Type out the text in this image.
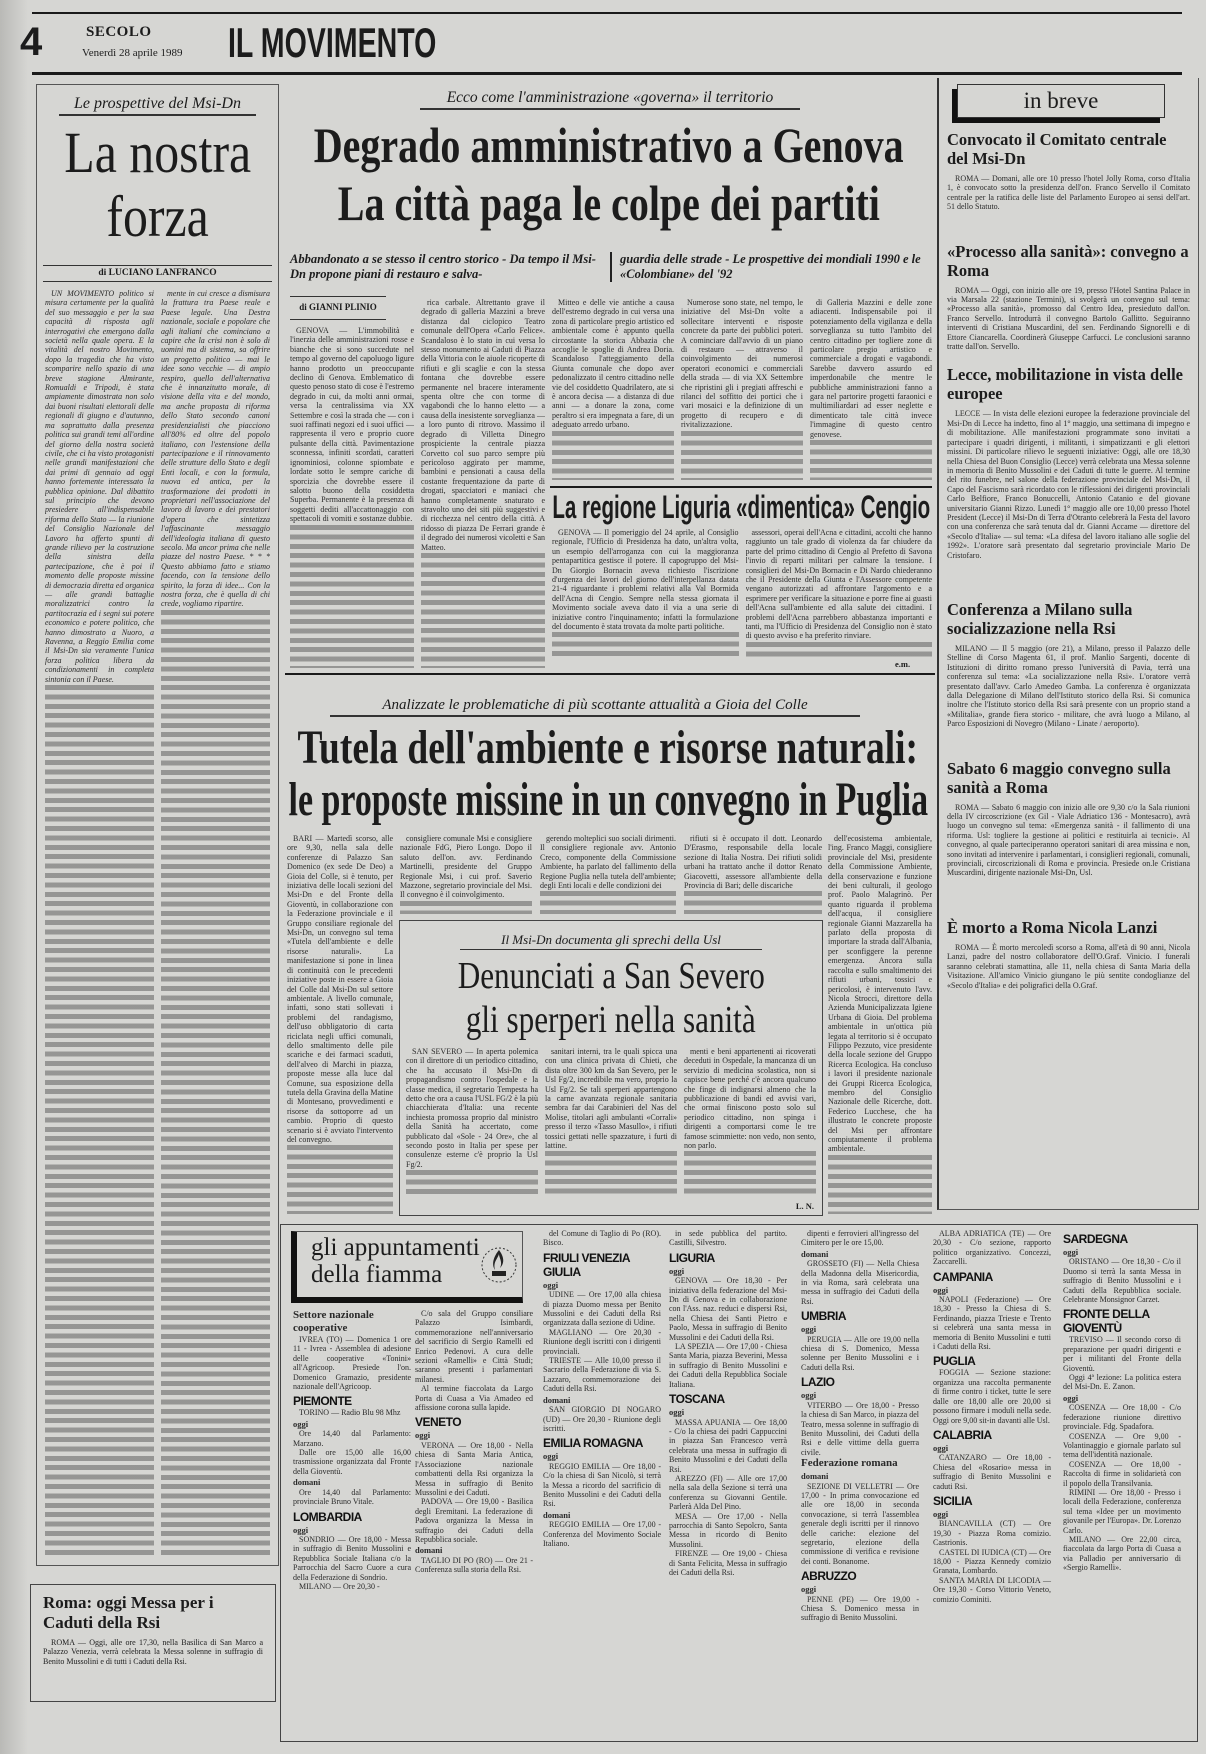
4	SECOLO
Venerdì 28 aprile 1989 IL MOVIMENTO
Le prospettive del Msi-Dn
La nostra
forza
di LUCIANO LANFRANCO

UN MOVIMENTO politico si misura certamente per la qualità del suo messaggio e per la sua capacità di risposta agli interrogativi che emergono dalla società nella quale opera. E la vitalità del nostro Movimento, dopo la tragedia che ha visto scomparire nello spazio di una breve stagione Almirante, Romualdi e Tripodi, è stata ampiamente dimostrata non solo dai buoni risultati elettorali delle regionali di giugno e d'autunno, ma soprattutto dalla presenza politica sui grandi temi all'ordine del giorno della nostra società civile, che ci ha visto protagonisti nelle grandi manifestazioni che dai primi di gennaio ad oggi hanno fortemente interessato la pubblica opinione. Dal dibattito sul principio che devono presiedere all'indispensabile riforma dello Stato — la riunione del Consiglio Nazionale del Lavoro ha offerto spunti di grande rilievo per la costruzione della sinistra della partecipazione, che è poi il momento delle proposte missine di democrazia diretta ed organica — alle grandi battaglie moralizzatrici contro la partitocrazia ed i segni sui potere economico e potere politico, che hanno dimostrato a Nuoro, a Ravenna, a Reggio Emilia come il Msi-Dn sia veramente l'unica forza politica libera da condizionamenti in completa sintonia con il Paese.

mente in cui cresce a dismisura la frattura tra Paese reale e Paese legale. Una Destra nazionale, sociale e popolare che agli italiani che cominciano a capire che la crisi non è solo di uomini ma di sistema, sa offrire un progetto politico — mai le idee sono vecchie — di ampio respiro, quello dell'alternativa che è innanzitutto morale, di visione della vita e del mondo, ma anche proposta di riforma dello Stato secondo canoni presidenzialisti che piacciono all'80% ed oltre del popolo italiano, con l'estensione della partecipazione e il rinnovamento delle strutture dello Stato e degli Enti locali, e con la formula, nuova ed antica, per la trasformazione dei prodotti in proprietari nell'associazione del lavoro di lavoro e dei prestatori d'opera che sintetizza l'affascinante messaggio dell'ideologia italiana di questo secolo. Ma ancor prima che nelle piazze del nostro Paese. * * * Questo abbiamo fatto e stiamo facendo, con la tensione dello spirito, la forza di idee... Con la nostra forza, che è quella di chi crede, vogliamo ripartire.

Roma: oggi Messa per i Caduti della Rsi
ROMA — Oggi, alle ore 17,30, nella Basilica di San Marco a Palazzo Venezia, verrà celebrata la Messa solenne in suffragio di Benito Mussolini e di tutti i Caduti della Rsi.
Ecco come l'amministrazione «governa» il territorio
Degrado amministrativo a Genova
La città paga le colpe dei partiti
Abbandonato a se stesso il centro storico - Da tempo il Msi-Dn propone piani di restauro e salva-
guardia delle strade - Le prospettive dei mondiali 1990 e le «Colombiane» del '92

GENOVA — L'immobilità e l'inerzia delle amministrazioni rosse e bianche che si sono succedute nel tempo al governo del capoluogo ligure hanno prodotto un preoccupante declino di Genova. Emblematico di questo penoso stato di cose è l'estremo degrado in cui, da molti anni ormai, versa la centralissima via XX Settembre e così la strada che — con i suoi raffinati negozi ed i suoi uffici — rappresenta il vero e proprio cuore pulsante della città. Pavimentazione sconnessa, infiniti scordati, caratteri ignominiosi, colonne spiombate e lordate sotto le sempre cariche di sporcizia che dovrebbe essere il salotto buono della cosiddetta Superba. Permanente è la presenza di soggetti dediti all'accattonaggio con spettacoli di vomiti e sostanze dubbie.

rica carbale. Altrettanto grave il degrado di galleria Mazzini a breve distanza dal ciclopico Teatro comunale dell'Opera «Carlo Felice». Scandaloso è lo stato in cui versa lo stesso monumento ai Caduti di Piazza della Vittoria con le aiuole ricoperte di rifiuti e gli scaglie e con la stessa fontana che dovrebbe essere permanente nel bracere interamente spenta oltre che con torme di vagabondi che lo hanno eletto — a causa della inesistente sorveglianza — a loro punto di ritrovo. Massimo il degrado di Villetta Dinegro prospiciente la centrale piazza Corvetto col suo parco sempre più pericoloso aggirato per mamme, bambini e pensionati a causa della costante frequentazione da parte di drogati, spacciatori e maniaci che hanno completamente snaturato e stravolto uno dei siti più suggestivi e di ricchezza nel centro della città. A ridosso di piazza De Ferrari grande è il degrado dei numerosi vicoletti e San Matteo.

di GIANNI PLINIO	Mitteo e delle vie antiche a causa dell'estremo degrado in cui versa una zona di particolare pregio artistico ed ambientale come è appunto quella circostante la storica Abbazia che accoglie le spoglie di Andrea Doria. Scandaloso l'atteggiamento della Giunta comunale che dopo aver pedonalizzato il centro cittadino nelle vie del cosiddetto Quadrilatero, ate si è ancora decisa — a distanza di due anni — a donare la zona, come peraltro si era impegnata a fare, di un adeguato arredo urbano.

Numerose sono state, nel tempo, le iniziative del Msi-Dn volte a sollecitare interventi e risposte concrete da parte dei pubblici poteri. A cominciare dall'avvio di un piano di restauro — attraverso il coinvolgimento dei numerosi operatori economici e commerciali della strada — di via XX Settembre che ripristini gli i pregiati affreschi e rilanci del soffitto dei portici che i vari mosaici e la definizione di un progetto di recupero e di rivitalizzazione.

di Galleria Mazzini e delle zone adiacenti. Indispensabile poi il potenziamento della vigilanza e della sorveglianza su tutto l'ambito del centro cittadino per togliere zone di particolare pregio artistico e commerciale a drogati e vagabondi. Sarebbe davvero assurdo ed imperdonabile che mentre le pubbliche amministrazioni fanno a gara nel partorire progetti faraonici e multimiliardari ad esser neglette e dimenticato tale città invece l'immagine di questo centro genovese.

La regione Liguria «dimentica» Cengio

GENOVA — Il pomeriggio del 24 aprile, al Consiglio regionale, l'Ufficio di Presidenza ha dato, un'altra volta, un esempio dell'arroganza con cui la maggioranza pentapartitica gestisce il potere. Il capogruppo del Msi-Dn Giorgio Bornacin aveva richiesto l'iscrizione d'urgenza dei lavori del giorno dell'interpellanza datata 21-4 riguardante i problemi relativi alla Val Bormida dell'Acna di Cengio. Sempre nella stessa giornata il Movimento sociale aveva dato il via a una serie di iniziative contro l'inquinamento; infatti la formulazione del documento è stata trovata da molte parti politiche.

assessori, operai dell'Acna e cittadini, accolti che hanno raggiunto un tale grado di violenza da far chiudere da parte del primo cittadino di Cengio al Prefetto di Savona l'invio di reparti militari per calmare la tensione. I consiglieri del Msi-Dn Bornacin e Di Nardo chiederanno che il Presidente della Giunta e l'Assessore competente vengano autorizzati ad affrontare l'argomento e a esprimere per verificare la situazione e porre fine ai guasti dell'Acna sull'ambiente ed alla salute dei cittadini. I problemi dell'Acna parrebbero abbastanza importanti e tanti, ma l'Ufficio di Presidenza del Consiglio non è stato di questo avviso e ha preferito rinviare.

e.m.
Analizzate le problematiche di più scottante attualità a Gioia del Colle
Tutela dell'ambiente e risorse naturali:
le proposte missine in un convegno in Puglia

BARI — Martedì scorso, alle ore 9,30, nella sala delle conferenze di Palazzo San Domenico (ex sede De Deo) a Gioia del Colle, si è tenuto, per iniziativa delle locali sezioni del Msi-Dn e del Fronte della Gioventù, in collaborazione con la Federazione provinciale e il Gruppo consiliare regionale del Msi-Dn, un convegno sul tema «Tutela dell'ambiente e delle risorse naturali». La manifestazione si pone in linea di continuità con le precedenti iniziative poste in essere a Gioia del Colle dal Msi-Dn sul settore ambientale. A livello comunale, infatti, sono stati sollevati i problemi del randagismo, dell'uso obbligatorio di carta riciclata negli uffici comunali, dello smaltimento delle pile scariche e dei farmaci scaduti, dell'alveo di Marchi in piazza, proposte messe alla luce dal Comune, sua esposizione della tutela della Gravina della Matine di Montesano, provvedimenti e risorse da sottoporre ad un cambio. Proprio di questo scenario si è avviato l'intervento del convegno.

consigliere comunale Msi e consigliere nazionale FdG, Piero Longo. Dopo il saluto dell'on. avv. Ferdinando Martinelli, presidente del Gruppo Regionale Msi, i cui prof. Saverio Mazzone, segretario provinciale del Msi. Il convegno è il coinvolgimento.

gerendo molteplici suo sociali dirimenti. Il consigliere regionale avv. Antonio Creco, componente della Commissione Ambiente, ha parlato del fallimento della Regione Puglia nella tutela dell'ambiente; degli Enti locali e delle condizioni dei

rifiuti si è occupato il dott. Leonardo D'Erasmo, responsabile della locale sezione di Italia Nostra. Dei rifiuti solidi urbani ha trattato anche il dottor Renato Giacovetti, assessore all'ambiente della Provincia di Bari; delle discariche

dell'ecosistema ambientale, l'ing. Franco Maggi, consigliere provinciale del Msi, presidente della Commissione Ambiente, della conservazione e funzione dei beni culturali, il geologo prof. Paolo Malagrinò. Per quanto riguarda il problema dell'acqua, il consigliere regionale Gianni Mazzarella ha parlato della proposta di importare la strada dall'Albania, per sconfiggere la perenne emergenza. Ancora sulla raccolta e sullo smaltimento dei rifiuti urbani, tossici e pericolosi, è intervenuto l'avv. Nicola Strocci, direttore della Azienda Municipalizzata Igiene Urbana di Gioia. Del problema ambientale in un'ottica più legata al territorio si è occupato Filippo Pezzuto, vice presidente della locale sezione del Gruppo Ricerca Ecologica. Ha concluso i lavori il presidente nazionale dei Gruppi Ricerca Ecologica, membro del Consiglio Nazionale delle Ricerche, dott. Federico Lucchese, che ha illustrato le concrete proposte del Msi per affrontare compiutamente il problema ambientale.

Il Msi-Dn documenta gli sprechi della Usl
Denunciati a San Severo
gli sperperi nella sanità

SAN SEVERO — In aperta polemica con il direttore di un periodico cittadino, che ha accusato il Msi-Dn di propagandismo contro l'ospedale e la classe medica, il segretario Tempesta ha detto che ora a causa l'USL FG/2 è la più chiacchierata d'Italia: una recente inchiesta promossa proprio dal ministro della Sanità ha accertato, come pubblicato dal «Sole - 24 Ore», che al secondo posto in Italia per spese per consulenze esterne c'è proprio la Usl Fg/2.

sanitari interni, tra le quali spicca una con una clinica privata di Chieti, che dista oltre 300 km da San Severo, per le Usl Fg/2, incredibile ma vero, proprio la Usl Fg/2. Se tali sperperi appartengono la carne avanzata regionale sanitaria sembra far dai Carabinieri del Nas del Molise, titolari agli ambulanti «Corrali» presso il terzo «Tasso Masullo», i rifiuti tossici gettati nelle spazzature, i furti di lattine.

menti e beni appartenenti ai ricoverati deceduti in Ospedale, la mancanza di un servizio di medicina scolastica, non si capisce bene perché c'è ancora qualcuno che finge di indignarsi almeno che la pubblicazione di bandi ed avvisi vari, che ormai finiscono posto solo sul periodico cittadino, non spinga i dirigenti a comportarsi come le tre famose scimmiette: non vedo, non sento, non parlo.

L. N.
in breve
Convocato il Comitato centrale del Msi-Dn

ROMA — Domani, alle ore 10 presso l'hotel Jolly Roma, corso d'Italia 1, è convocato sotto la presidenza dell'on. Franco Servello il Comitato centrale per la ratifica delle liste del Parlamento Europeo ai sensi dell'art. 51 dello Statuto.

«Processo alla sanità»: convegno a Roma

ROMA — Oggi, con inizio alle ore 19, presso l'Hotel Santina Palace in via Marsala 22 (stazione Termini), si svolgerà un convegno sul tema: «Processo alla sanità», promosso dal Centro Idea, presieduto dall'on. Franco Servello. Introdurrà il convegno Bartolo Gallitto. Seguiranno interventi di Cristiana Muscardini, del sen. Ferdinando Signorelli e di Ettore Ciancarella. Coordinerà Giuseppe Carfucci. Le conclusioni saranno tratte dall'on. Servello.

Lecce, mobilitazione in vista delle europee

LECCE — In vista delle elezioni europee la federazione provinciale del Msi-Dn di Lecce ha indetto, fino al 1° maggio, una settimana di impegno e di mobilitazione. Alle manifestazioni programmate sono invitati a partecipare i quadri dirigenti, i militanti, i simpatizzanti e gli elettori missini. Di particolare rilievo le seguenti iniziative: Oggi, alle ore 18,30 nella Chiesa del Buon Consiglio (Lecce) verrà celebrata una Messa solenne in memoria di Benito Mussolini e dei Caduti di tutte le guerre. Al termine del rito funebre, nel salone della federazione provinciale del Msi-Dn, il Capo del Fascismo sarà ricordato con le riflessioni dei dirigenti provinciali Carlo Belfiore, Franco Bonuccelli, Antonio Catanio e del giovane universitario Gianni Rizzo. Lunedì 1° maggio alle ore 10,00 presso l'hotel President (Lecce) il Msi-Dn di Terra d'Otranto celebrerà la Festa del lavoro con una conferenza che sarà tenuta dal dr. Gianni Accame — direttore del «Secolo d'Italia» — sul tema: «La difesa del lavoro italiano alle soglie del 1992». L'oratore sarà presentato dal segretario provinciale Mario De Cristofaro.

Conferenza a Milano sulla socializzazione nella Rsi

MILANO — Il 5 maggio (ore 21), a Milano, presso il Palazzo delle Stelline di Corso Magenta 61, il prof. Manlio Sargenti, docente di Istituzioni di diritto romano presso l'università di Pavia, terrà una conferenza sul tema: «La socializzazione nella Rsi». L'oratore verrà presentato dall'avv. Carlo Amedeo Gamba. La conferenza è organizzata dalla Delegazione di Milano dell'Istituto storico della Rsi. Si comunica inoltre che l'Istituto storico della Rsi sarà presente con un proprio stand a «Militalia», grande fiera storico - militare, che avrà luogo a Milano, al Parco Esposizioni di Novegro (Milano - Linate / aeroporto).

Sabato 6 maggio convegno sulla sanità a Roma

ROMA — Sabato 6 maggio con inizio alle ore 9,30 c/o la Sala riunioni della IV circoscrizione (ex Gil - Viale Adriatico 136 - Montesacro), avrà luogo un convegno sul tema: «Emergenza sanità - il fallimento di una riforma. Usl: togliere la gestione ai politici e restituirla ai tecnici». Al convegno, al quale parteciperanno operatori sanitari di area missina e non, sono invitati ad intervenire i parlamentari, i consiglieri regionali, comunali, provinciali, circoscrizionali di Roma e provincia. Presiede on.le Cristiana Muscardini, dirigente nazionale Msi-Dn, Usl.

È morto a Roma Nicola Lanzi

ROMA — È morto mercoledì scorso a Roma, all'età di 90 anni, Nicola Lanzi, padre del nostro collaboratore dell'O.Graf. Vinicio. I funerali saranno celebrati stamattina, alle 11, nella chiesa di Santa Maria della Visitazione. All'amico Vinicio giungano le più sentite condoglianze del «Secolo d'Italia» e dei poligrafici della O.Graf.

gli appuntamenti
della fiamma
Settore nazionale cooperative
IVREA (TO) — Domenica 1 ore 11 - Ivrea - Assemblea di adesione delle cooperative «Tonini» all'Agricoop. Presiede l'on. Domenico Gramazio, presidente nazionale dell'Agricoop.
PIEMONTE
TORINO — Radio Blu 98 Mhz
oggi
Ore 14,40 dal Parlamento: Marzano.
Dalle ore 15,00 alle 16,00 trasmissione organizzata dal Fronte della Gioventù.
domani
Ore 14,40 dal Parlamento: provinciale Bruno Vitale.
LOMBARDIA
oggi
SONDRIO — Ore 18,00 - Messa in suffragio di Benito Mussolini e Repubblica Sociale Italiana c/o la Parrocchia del Sacro Cuore a cura della Federazione di Sondrio.
MILANO — Ore 20,30 -
C/o sala del Gruppo consiliare Palazzo Isimbardi, commemorazione nell'anniversario del sacrificio di Sergio Ramelli ed Enrico Pedenovi. A cura delle sezioni «Ramelli» e Città Studi; saranno presenti i parlamentari milanesi.
Al termine fiaccolata da Largo Porta di Cuasa a Via Amadeo ed affissione corona sulla lapide.
VENETO
oggi
VERONA — Ore 18,00 - Nella chiesa di Santa Maria Antica, l'Associazione nazionale combattenti della Rsi organizza la Messa in suffragio di Benito Mussolini e dei Caduti.
PADOVA — Ore 19,00 - Basilica degli Eremitani. La federazione di Padova organizza la Messa in suffragio dei Caduti della Repubblica sociale.
domani
TAGLIO DI PO (RO) — Ore 21 - Conferenza sulla storia della Rsi.
del Comune di Taglio di Po (RO). Bisco.
FRIULI VENEZIA GIULIA
oggi
UDINE — Ore 17,00 alla chiesa di piazza Duomo messa per Benito Mussolini e dei Caduti della Rsi organizzata dalla sezione di Udine.
MAGLIANO — Ore 20,30 - Riunione degli iscritti con i dirigenti provinciali.
TRIESTE — Alle 10,00 presso il Sacrario della Federazione di via S. Lazzaro, commemorazione dei Caduti della Rsi.
domani
SAN GIORGIO DI NOGARO (UD) — Ore 20,30 - Riunione degli iscritti.
EMILIA ROMAGNA
oggi
REGGIO EMILIA — Ore 18,00 - C/o la chiesa di San Nicolò, si terrà la Messa a ricordo del sacrificio di Benito Mussolini e dei Caduti della Rsi.
domani
REGGIO EMILIA — Ore 17,00 - Conferenza del Movimento Sociale Italiano.
in sede pubblica del partito. Castilli, Silvestro.
LIGURIA
oggi
GENOVA — Ore 18,30 - Per iniziativa della federazione del Msi-Dn di Genova e in collaborazione con l'Ass. naz. reduci e dispersi Rsi, nella Chiesa dei Santi Pietro e Paolo, Messa in suffragio di Benito Mussolini e dei Caduti della Rsi.
LA SPEZIA — Ore 17,00 - Chiesa Santa Maria, piazza Beverini, Messa in suffragio di Benito Mussolini e dei Caduti della Repubblica Sociale Italiana.
TOSCANA
oggi
MASSA APUANIA — Ore 18,00 - C/o la chiesa dei padri Cappuccini in piazza San Francesco verrà celebrata una messa in suffragio di Benito Mussolini e dei Caduti della Rsi.
AREZZO (FI) — Alle ore 17,00 nella sala della Sezione si terrà una conferenza su Giovanni Gentile. Parlerà Alda Del Pino.
MESA — Ore 17,00 - Nella parrocchia di Santo Sepolcro, Santa Messa in ricordo di Benito Mussolini.
FIRENZE — Ore 19,00 - Chiesa di Santa Felicita, Messa in suffragio dei Caduti della Rsi.
dipenti e ferrovieri all'ingresso del Cimitero per le ore 15,00.
domani
GROSSETO (FI) — Nella Chiesa della Madonna della Misericordia, in via Roma, sarà celebrata una messa in suffragio dei Caduti della Rsi.
UMBRIA
oggi
PERUGIA — Alle ore 19,00 nella chiesa di S. Domenico, Messa solenne per Benito Mussolini e i Caduti della Rsi.
LAZIO
oggi
VITERBO — Ore 18,00 - Presso la chiesa di San Marco, in piazza del Teatro, messa solenne in suffragio di Benito Mussolini, dei Caduti della Rsi e delle vittime della guerra civile.
Federazione romana
domani
SEZIONE DI VELLETRI — Ore 17,00 - In prima convocazione ed alle ore 18,00 in seconda convocazione, si terrà l'assemblea generale degli iscritti per il rinnovo delle cariche: elezione del segretario, elezione della commissione di verifica e revisione dei conti. Bonanome.
ABRUZZO
oggi
PENNE (PE) — Ore 19,00 - Chiesa S. Domenico messa in suffragio di Benito Mussolini.
ALBA ADRIATICA (TE) — Ore 20,30 - C/o sezione, rapporto politico organizzativo. Concezzi, Zaccarelli.
CAMPANIA
oggi
NAPOLI (Federazione) — Ore 18,30 - Presso la Chiesa di S. Ferdinando, piazza Trieste e Trento si celebrerà una santa messa in memoria di Benito Mussolini e tutti i Caduti della Rsi.
PUGLIA
FOGGIA — Sezione stazione: organizza una raccolta permanente di firme contro i ticket, tutte le sere dalle ore 18,00 alle ore 20,00 si possono firmare i moduli nella sede. Oggi ore 9,00 sit-in davanti alle Usl.
CALABRIA
oggi
CATANZARO — Ore 18,00 - Chiesa del «Rosario» messa in suffragio di Benito Mussolini e caduti Rsi.
SICILIA
oggi
BIANCAVILLA (CT) — Ore 19,30 - Piazza Roma comizio. Castrionis.
CASTEL DI IUDICA (CT) — Ore 18,00 - Piazza Kennedy comizio Granata, Lombardo.
SANTA MARIA DI LICODIA — Ore 19,30 - Corso Vittorio Veneto, comizio Cominiti.
SARDEGNA
oggi
ORISTANO — Ore 18,30 - C/o il Duomo si terrà la santa Messa in suffragio di Benito Mussolini e i Caduti della Repubblica sociale. Celebrante Monsignor Carzet.
FRONTE DELLA GIOVENTÙ
TREVISO — Il secondo corso di preparazione per quadri dirigenti e per i militanti del Fronte della Gioventù.
Oggi 4ª lezione: La politica estera del Msi-Dn. E. Zanon.
oggi
COSENZA — Ore 18,00 - C/o federazione riunione direttivo provinciale. Fdg. Spadafora.
COSENZA — Ore 9,00 - Volantinaggio e giornale parlato sul tema dell'identità nazionale.
COSENZA — Ore 18,00 - Raccolta di firme in solidarietà con il popolo della Transilvania.
RIMINI — Ore 18,00 - Presso i locali della Federazione, conferenza sul tema «Idee per un movimento giovanile per l'Europa». Dr. Lorenzo Carlo.
MILANO — Ore 22,00 circa, fiaccolata da largo Porta di Cuasa a via Palladio per anniversario di «Sergio Ramelli».
